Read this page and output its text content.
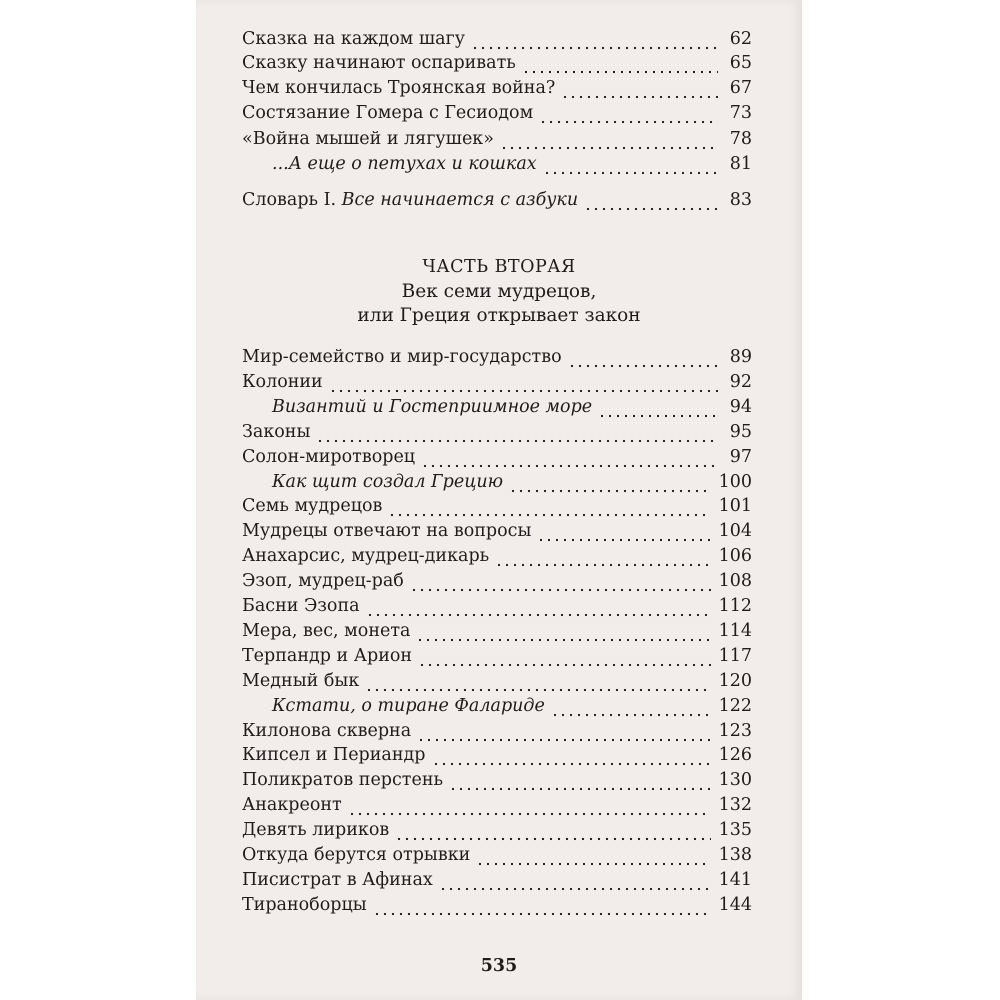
Сказка на каждом шагу	62
Сказку начинают оспаривать	65
Чем кончилась Троянская война?	67
Состязание Гомера с Гесиодом	73
«Война мышей и лягушек»	78
...А еще о петухах и кошках	81
Словарь I. Все начинается с азбуки	83
ЧАСТЬ ВТОРАЯ
Век семи мудрецов,
или Греция открывает закон
Мир-семейство и мир-государство	89
Колонии	92
Византий и Гостеприимное море	94
Законы	95
Солон-миротворец	97
Как щит создал Грецию	100
Семь мудрецов	101
Мудрецы отвечают на вопросы	104
Анахарсис, мудрец-дикарь	106
Эзоп, мудрец-раб	108
Басни Эзопа	112
Мера, вес, монета	114
Терпандр и Арион	117
Медный бык	120
Кстати, о тиране Фаларидe	122
Килонова скверна	123
Кипсел и Периандр	126
Поликратов перстень	130
Анакреонт	132
Девять лириков	135
Откуда берутся отрывки	138
Писистрат в Афинах	141
Тираноборцы	144
535
